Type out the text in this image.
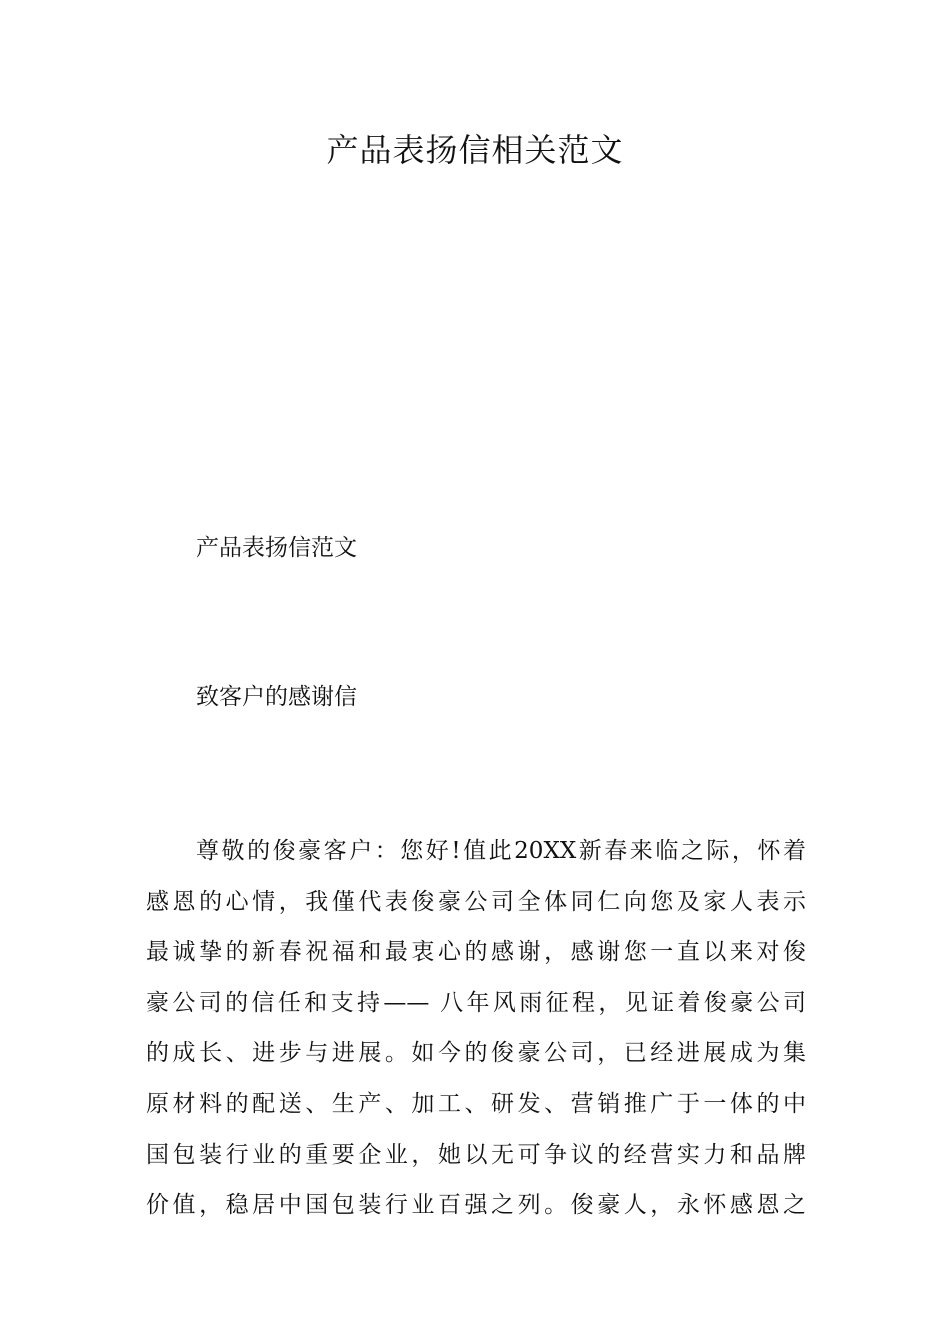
产品表扬信相关范文

产品表扬信范文

致客户的感谢信

尊敬的俊豪客户：您好!值此20XX新春来临之际，怀着
感恩的心情，我僅代表俊豪公司全体同仁向您及家人表示
最诚挚的新春祝福和最衷心的感谢，感谢您一直以来对俊
豪公司的信任和支持—— 八年风雨征程，见证着俊豪公司
的成长、进步与进展。如今的俊豪公司，已经进展成为集
原材料的配送、生产、加工、研发、营销推广于一体的中
国包装行业的重要企业，她以无可争议的经营实力和品牌
价值，稳居中国包装行业百强之列。俊豪人，永怀感恩之
